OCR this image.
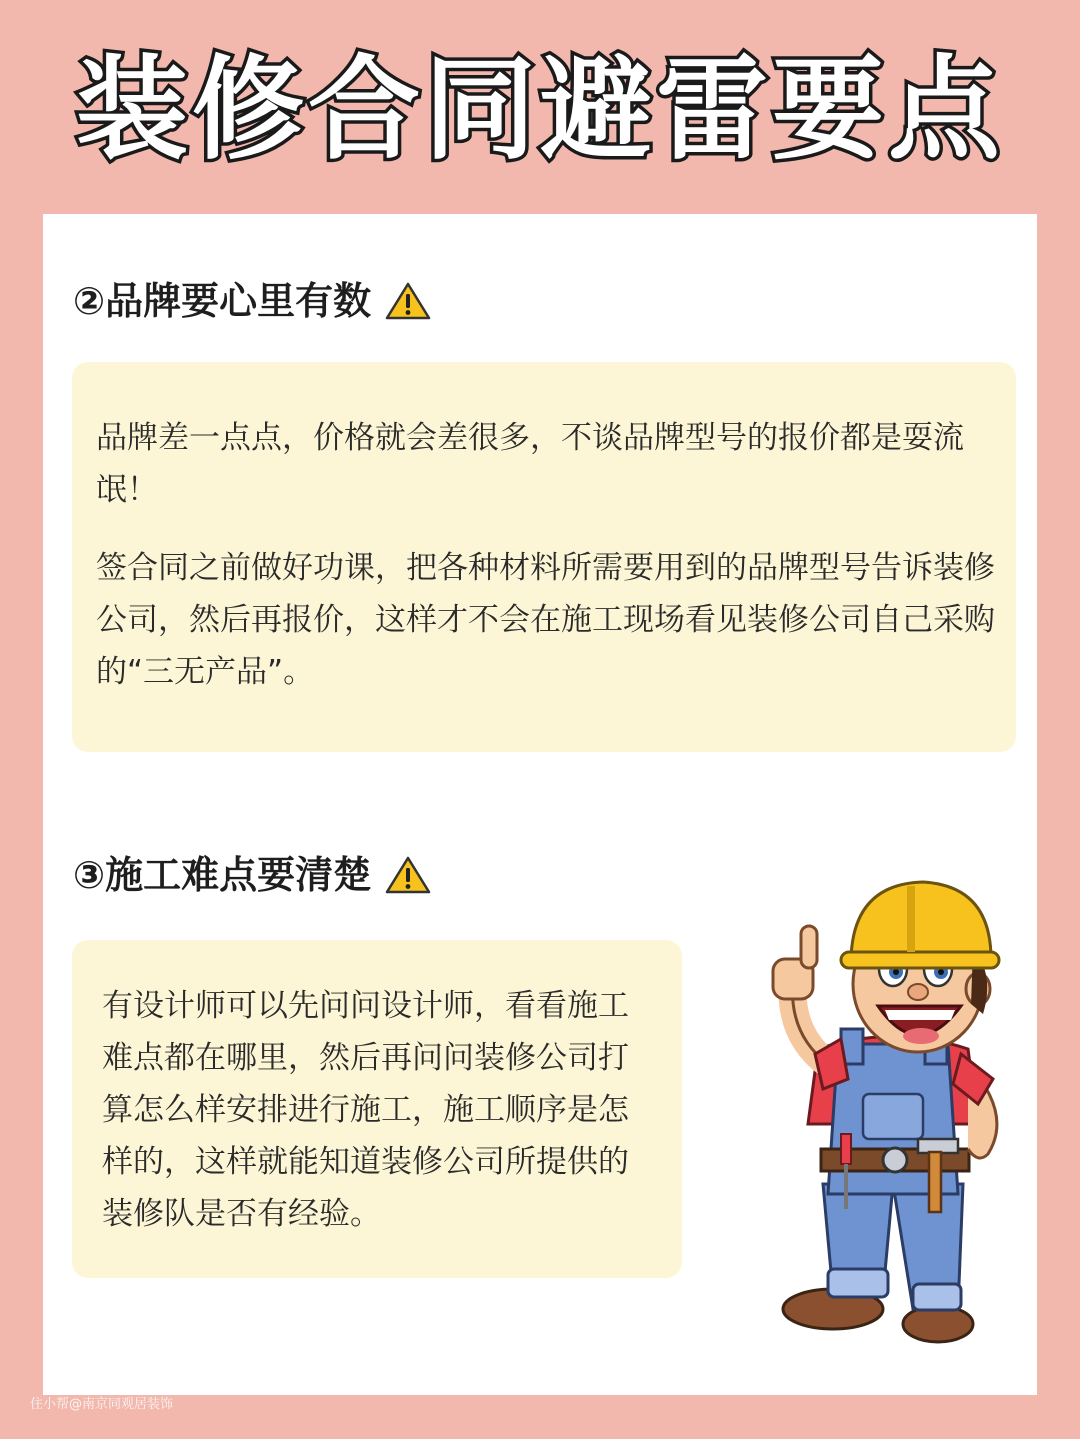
装修合同避雷要点
②品牌要心里有数

品牌差一点点，价格就会差很多，不谈品牌型号的报价都是耍流氓！

签合同之前做好功课，把各种材料所需要用到的品牌型号告诉装修公司，然后再报价，这样才不会在施工现场看见装修公司自己采购的“三无产品”。

③施工难点要清楚

有设计师可以先问问设计师，看看施工难点都在哪里，然后再问问装修公司打算怎么样安排进行施工，施工顺序是怎样的，这样就能知道装修公司所提供的装修队是否有经验。

住小帮@南京同观居装饰
